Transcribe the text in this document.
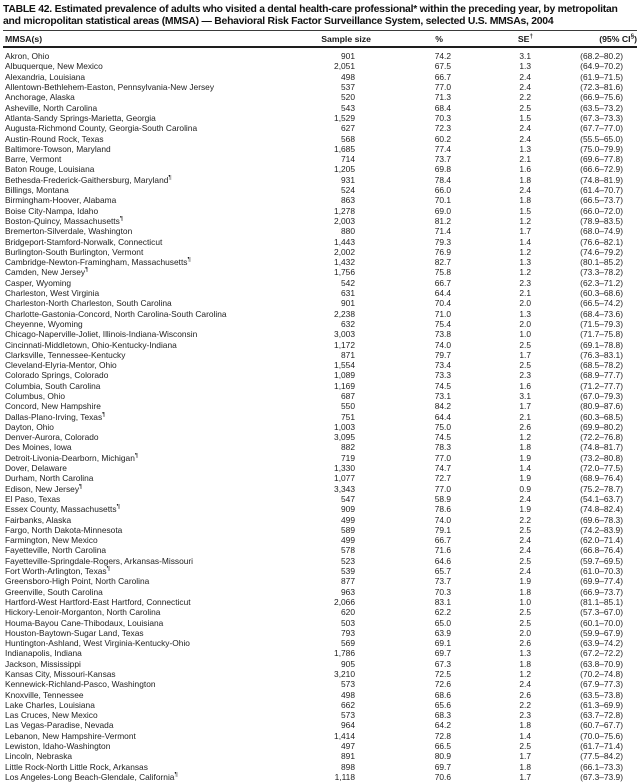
TABLE 42. Estimated prevalence of adults who visited a dental health-care professional* within the preceding year, by metropolitan and micropolitan statistical areas (MMSA) — Behavioral Risk Factor Surveillance System, selected U.S. MMSAs, 2004
MMSA(s)	Sample size	%	SE†	(95% CI§)
Akron, Ohio	901	74.2	3.1	(68.2–80.2)
Albuquerque, New Mexico	2,051	67.5	1.3	(64.9–70.2)
Alexandria, Louisiana	498	66.7	2.4	(61.9–71.5)
Allentown-Bethlehem-Easton, Pennsylvania-New Jersey	537	77.0	2.4	(72.3–81.6)
Anchorage, Alaska	520	71.3	2.2	(66.9–75.6)
Asheville, North Carolina	543	68.4	2.5	(63.5–73.2)
Atlanta-Sandy Springs-Marietta, Georgia	1,529	70.3	1.5	(67.3–73.3)
Augusta-Richmond County, Georgia-South Carolina	627	72.3	2.4	(67.7–77.0)
Austin-Round Rock, Texas	568	60.2	2.4	(55.5–65.0)
Baltimore-Towson, Maryland	1,685	77.4	1.3	(75.0–79.9)
Barre, Vermont	714	73.7	2.1	(69.6–77.8)
Baton Rouge, Louisiana	1,205	69.8	1.6	(66.6–72.9)
Bethesda-Frederick-Gaithersburg, Maryland¶	931	78.4	1.8	(74.8–81.9)
Billings, Montana	524	66.0	2.4	(61.4–70.7)
Birmingham-Hoover, Alabama	863	70.1	1.8	(66.5–73.7)
Boise City-Nampa, Idaho	1,278	69.0	1.5	(66.0–72.0)
Boston-Quincy, Massachusetts¶	2,003	81.2	1.2	(78.9–83.5)
Bremerton-Silverdale, Washington	880	71.4	1.7	(68.0–74.9)
Bridgeport-Stamford-Norwalk, Connecticut	1,443	79.3	1.4	(76.6–82.1)
Burlington-South Burlington, Vermont	2,002	76.9	1.2	(74.6–79.2)
Cambridge-Newton-Framingham, Massachusetts¶	1,432	82.7	1.3	(80.1–85.2)
Camden, New Jersey¶	1,756	75.8	1.2	(73.3–78.2)
Casper, Wyoming	542	66.7	2.3	(62.3–71.2)
Charleston, West Virginia	631	64.4	2.1	(60.3–68.6)
Charleston-North Charleston, South Carolina	901	70.4	2.0	(66.5–74.2)
Charlotte-Gastonia-Concord, North Carolina-South Carolina	2,238	71.0	1.3	(68.4–73.6)
Cheyenne, Wyoming	632	75.4	2.0	(71.5–79.3)
Chicago-Naperville-Joliet, Illinois-Indiana-Wisconsin	3,003	73.8	1.0	(71.7–75.8)
Cincinnati-Middletown, Ohio-Kentucky-Indiana	1,172	74.0	2.5	(69.1–78.8)
Clarksville, Tennessee-Kentucky	871	79.7	1.7	(76.3–83.1)
Cleveland-Elyria-Mentor, Ohio	1,554	73.4	2.5	(68.5–78.2)
Colorado Springs, Colorado	1,089	73.3	2.3	(68.9–77.7)
Columbia, South Carolina	1,169	74.5	1.6	(71.2–77.7)
Columbus, Ohio	687	73.1	3.1	(67.0–79.3)
Concord, New Hampshire	550	84.2	1.7	(80.9–87.6)
Dallas-Plano-Irving, Texas¶	751	64.4	2.1	(60.3–68.5)
Dayton, Ohio	1,003	75.0	2.6	(69.9–80.2)
Denver-Aurora, Colorado	3,095	74.5	1.2	(72.2–76.8)
Des Moines, Iowa	882	78.3	1.8	(74.8–81.7)
Detroit-Livonia-Dearborn, Michigan¶	719	77.0	1.9	(73.2–80.8)
Dover, Delaware	1,330	74.7	1.4	(72.0–77.5)
Durham, North Carolina	1,077	72.7	1.9	(68.9–76.4)
Edison, New Jersey¶	3,343	77.0	0.9	(75.2–78.7)
El Paso, Texas	547	58.9	2.4	(54.1–63.7)
Essex County, Massachusetts¶	909	78.6	1.9	(74.8–82.4)
Fairbanks, Alaska	499	74.0	2.2	(69.6–78.3)
Fargo, North Dakota-Minnesota	589	79.1	2.5	(74.2–83.9)
Farmington, New Mexico	499	66.7	2.4	(62.0–71.4)
Fayetteville, North Carolina	578	71.6	2.4	(66.8–76.4)
Fayetteville-Springdale-Rogers, Arkansas-Missouri	523	64.6	2.5	(59.7–69.5)
Fort Worth-Arlington, Texas¶	539	65.7	2.4	(61.0–70.3)
Greensboro-High Point, North Carolina	877	73.7	1.9	(69.9–77.4)
Greenville, South Carolina	963	70.3	1.8	(66.9–73.7)
Hartford-West Hartford-East Hartford, Connecticut	2,066	83.1	1.0	(81.1–85.1)
Hickory-Lenoir-Morganton, North Carolina	620	62.2	2.5	(57.3–67.0)
Houma-Bayou Cane-Thibodaux, Louisiana	503	65.0	2.5	(60.1–70.0)
Houston-Baytown-Sugar Land, Texas	793	63.9	2.0	(59.9–67.9)
Huntington-Ashland, West Virginia-Kentucky-Ohio	569	69.1	2.6	(63.9–74.2)
Indianapolis, Indiana	1,786	69.7	1.3	(67.2–72.2)
Jackson, Mississippi	905	67.3	1.8	(63.8–70.9)
Kansas City, Missouri-Kansas	3,210	72.5	1.2	(70.2–74.8)
Kennewick-Richland-Pasco, Washington	573	72.6	2.4	(67.9–77.3)
Knoxville, Tennessee	498	68.6	2.6	(63.5–73.8)
Lake Charles, Louisiana	662	65.6	2.2	(61.3–69.9)
Las Cruces, New Mexico	573	68.3	2.3	(63.7–72.8)
Las Vegas-Paradise, Nevada	964	64.2	1.8	(60.7–67.7)
Lebanon, New Hampshire-Vermont	1,414	72.8	1.4	(70.0–75.6)
Lewiston, Idaho-Washington	497	66.5	2.5	(61.7–71.4)
Lincoln, Nebraska	891	80.9	1.7	(77.5–84.2)
Little Rock-North Little Rock, Arkansas	898	69.7	1.8	(66.1–73.3)
Los Angeles-Long Beach-Glendale, California¶	1,118	70.6	1.7	(67.3–73.9)
